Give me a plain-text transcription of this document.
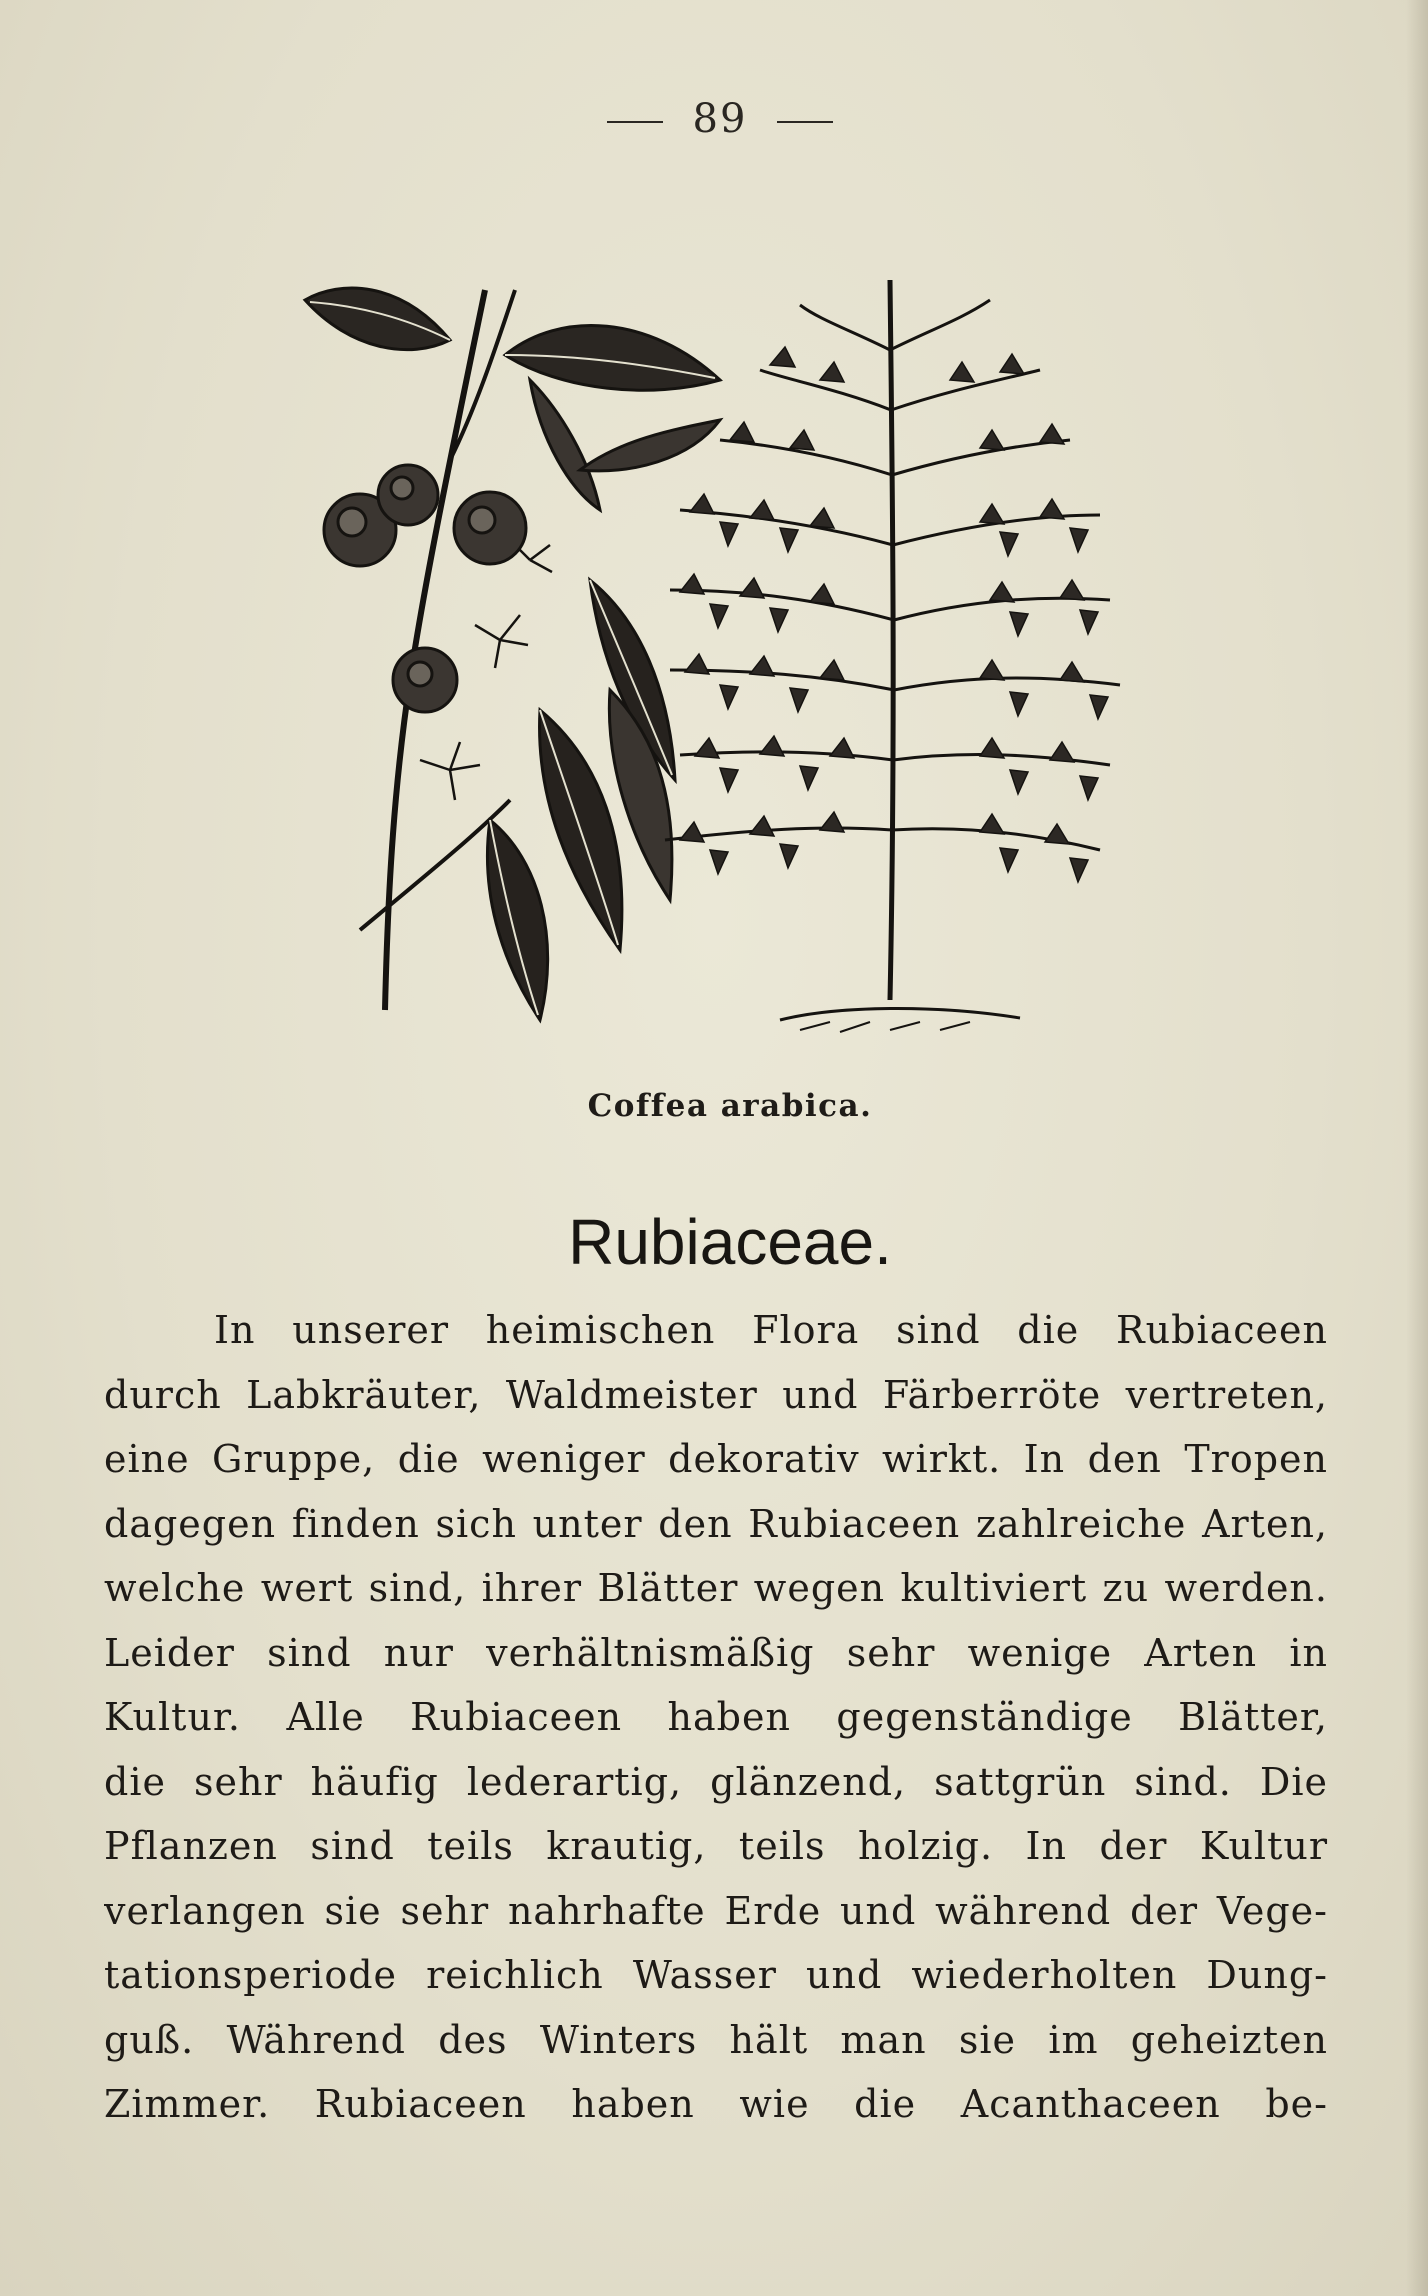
89
Coffea arabica.
Rubiaceae.
In unserer heimischen Flora sind die Rubiaceen
durch Labkräuter, Waldmeister und Färberröte vertreten,
eine Gruppe, die weniger dekorativ wirkt. In den Tropen
dagegen finden sich unter den Rubiaceen zahlreiche Arten,
welche wert sind, ihrer Blätter wegen kultiviert zu werden.
Leider sind nur verhältnismäßig sehr wenige Arten in
Kultur. Alle Rubiaceen haben gegenständige Blätter,
die sehr häufig lederartig, glänzend, sattgrün sind. Die
Pflanzen sind teils krautig, teils holzig. In der Kultur
verlangen sie sehr nahrhafte Erde und während der Vege-
tationsperiode reichlich Wasser und wiederholten Dung-
guß. Während des Winters hält man sie im geheizten
Zimmer. Rubiaceen haben wie die Acanthaceen be-
